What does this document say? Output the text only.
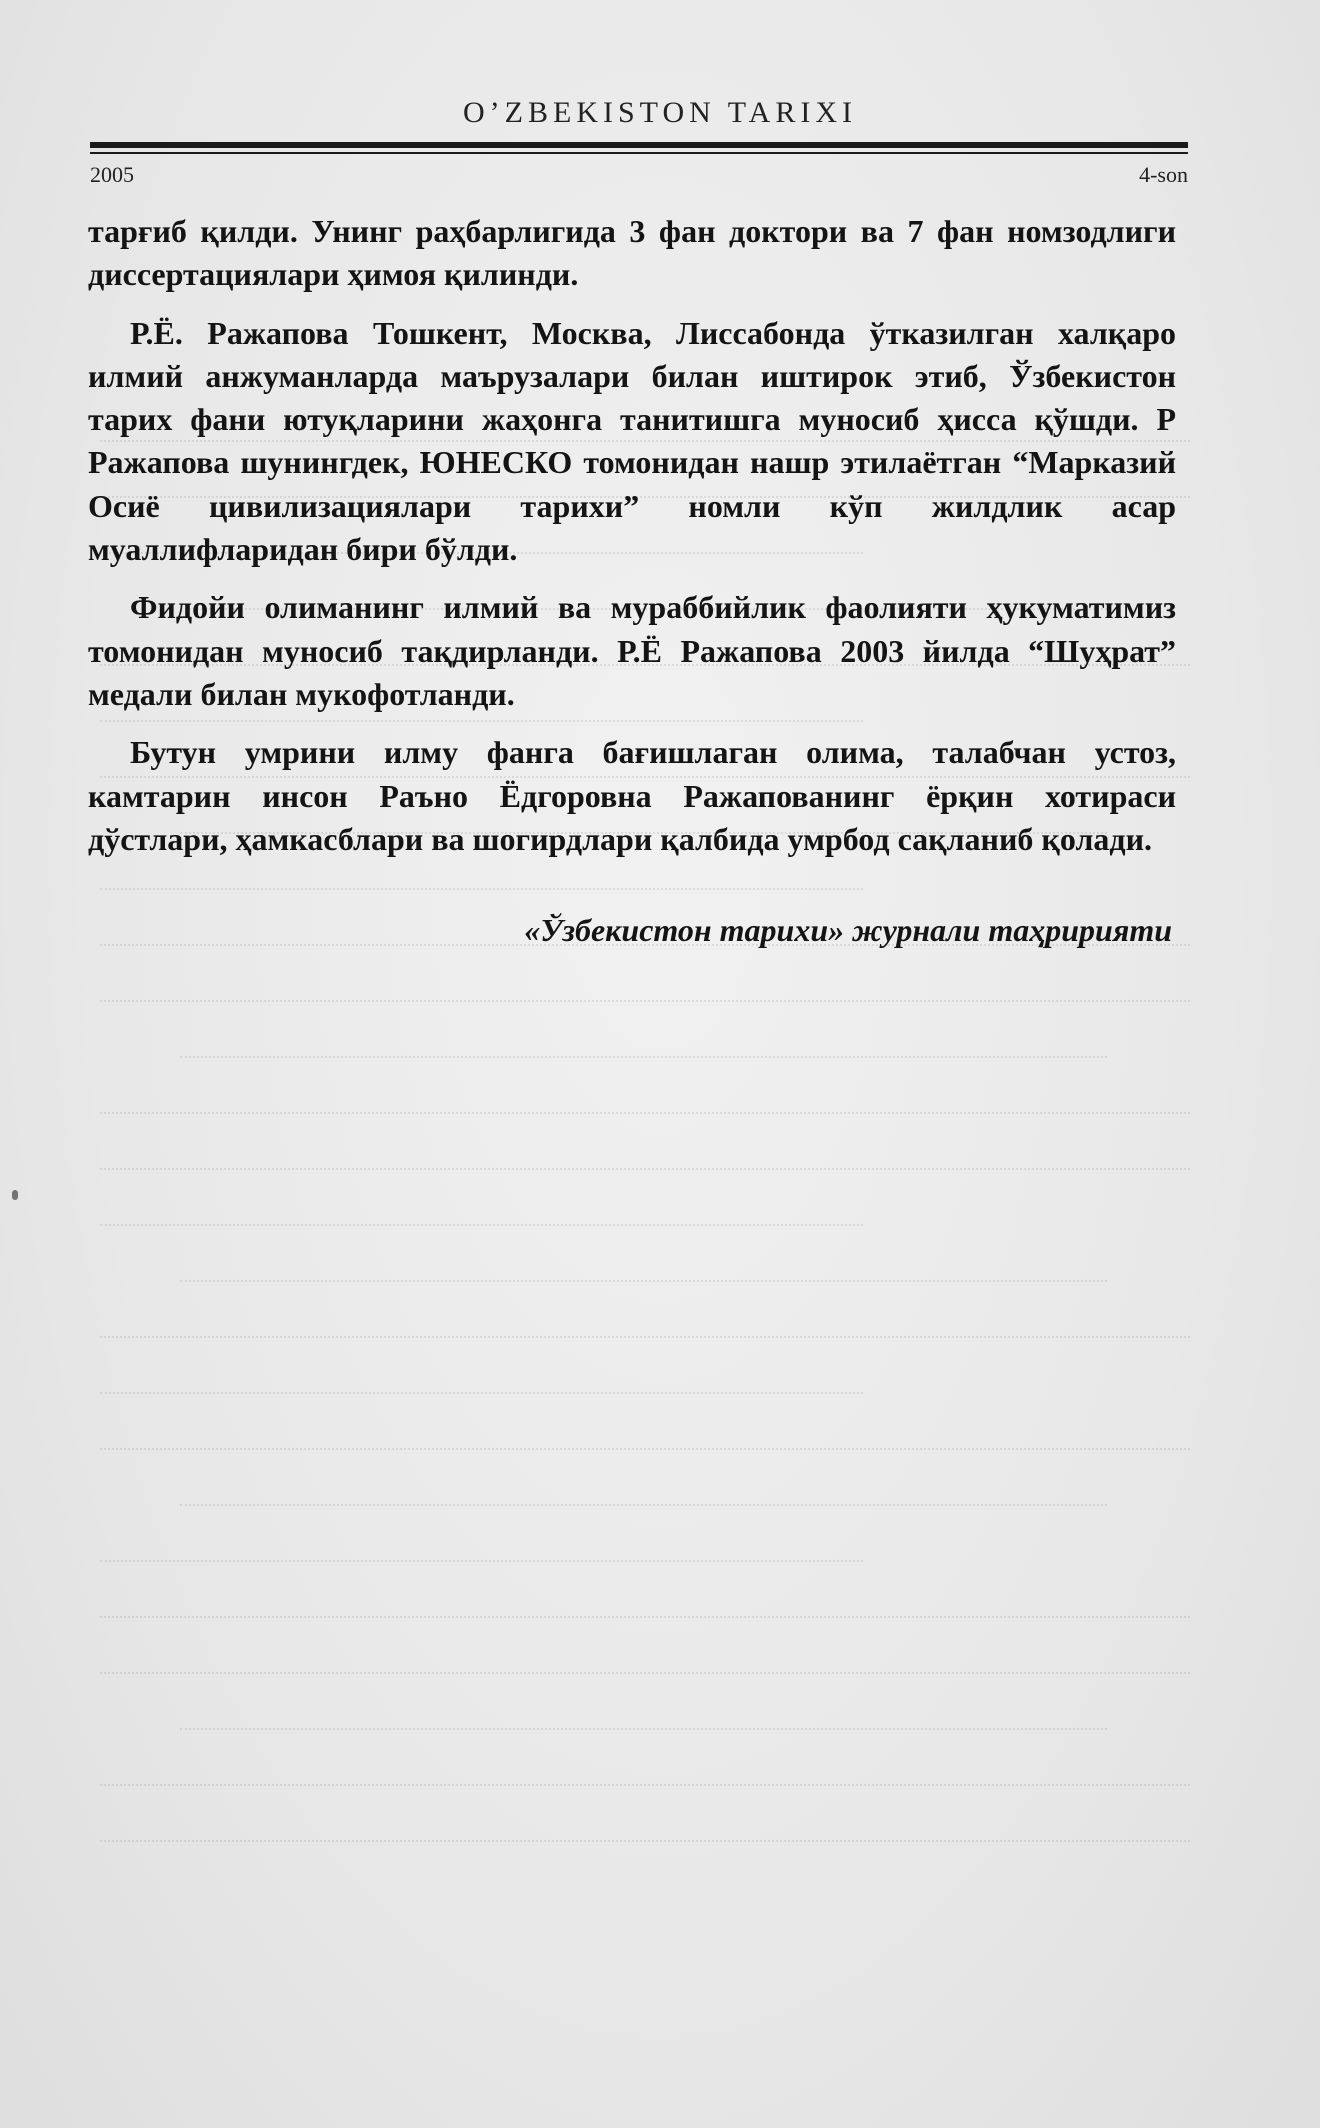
O’ZBEKISTON TARIXI
2005	4-son

тарғиб қилди. Унинг раҳбарлигида 3 фан доктори ва 7 фан номзодлиги диссертациялари ҳимоя қилинди.

Р.Ё. Ражапова Тошкент, Москва, Лиссабонда ўтказилган халқаро илмий анжуманларда маърузалари билан иштирок этиб, Ўзбекистон тарих фани ютуқларини жаҳонга танитишга муносиб ҳисса қўшди. Р Ражапова шунингдек, ЮНЕСКО томонидан нашр этилаётган “Марказий Осиё цивилизациялари тарихи” номли кўп жилдлик асар муаллифларидан бири бўлди.

Фидойи олиманинг илмий ва мураббийлик фаолияти ҳукуматимиз томонидан муносиб тақдирланди. Р.Ё Ражапова 2003 йилда “Шуҳрат” медали билан мукофотланди.

Бутун умрини илму фанга бағишлаган олима, талабчан устоз, камтарин инсон Раъно Ёдгоровна Ражапованинг ёрқин хотираси дўстлари, ҳамкасблари ва шогирдлари қалбида умрбод сақланиб қолади.

«Ўзбекистон тарихи» журнали таҳририяти
